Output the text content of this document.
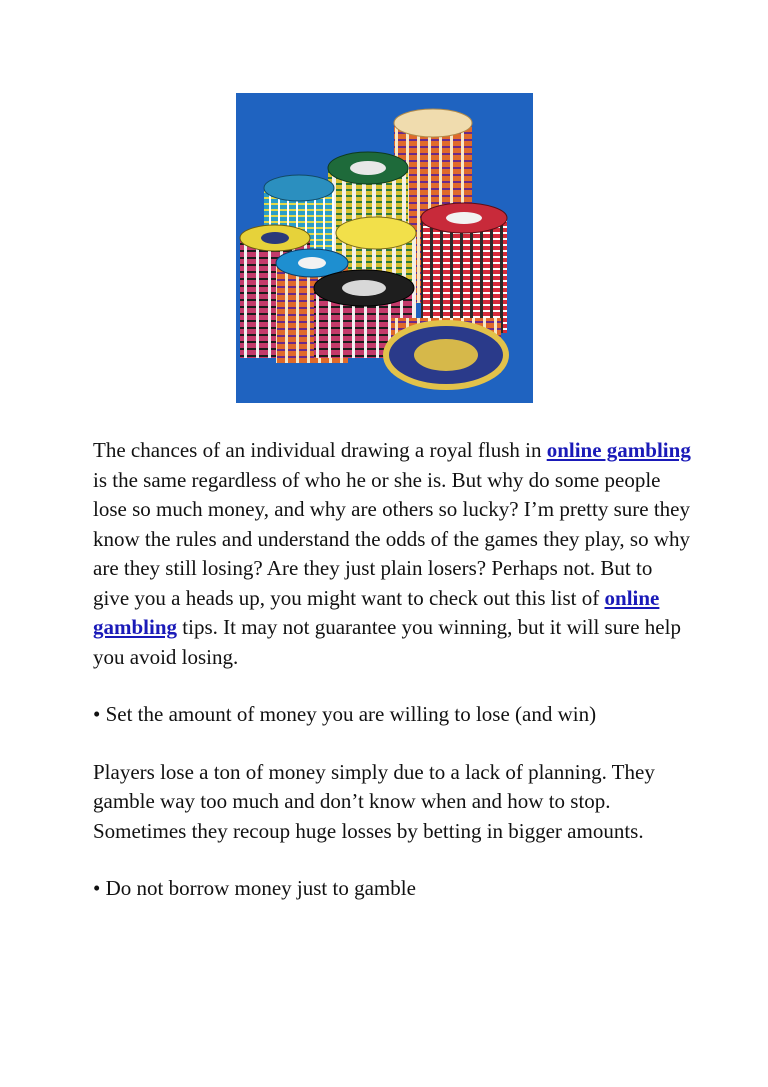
The chances of an individual drawing a royal flush in online gambling is the same regardless of who he or she is. But why do some people lose so much money, and why are others so lucky? I’m pretty sure they know the rules and understand the odds of the games they play, so why are they still losing? Are they just plain losers? Perhaps not. But to give you a heads up, you might want to check out this list of online gambling tips. It may not guarantee you winning, but it will sure help you avoid losing.

• Set the amount of money you are willing to lose (and win)

Players lose a ton of money simply due to a lack of planning. They gamble way too much and don’t know when and how to stop. Sometimes they recoup huge losses by betting in bigger amounts.

• Do not borrow money just to gamble
